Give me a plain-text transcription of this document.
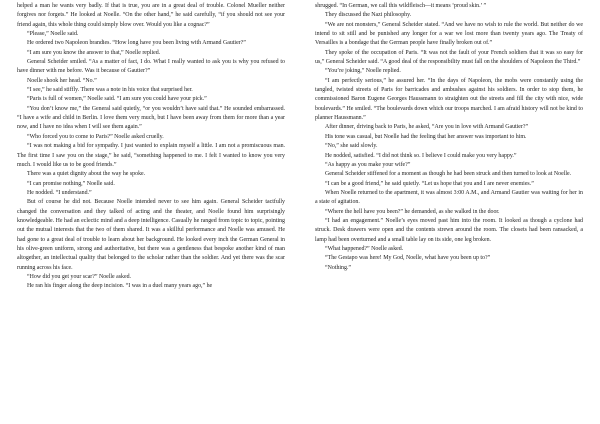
helped a man he wants very badly. If that is true, you are in a great deal of trouble. Colonel Mueller neither forgives nor forgets.” He looked at Noelle. “On the other hand,” he said carefully, “if you should not see your friend again, this whole thing could simply blow over. Would you like a cognac?”

“Please,” Noelle said.

He ordered two Napoleon brandies. “How long have you been living with Armand Gautier?”

“I am sure you know the answer to that,” Noelle replied.

General Scheider smiled. “As a matter of fact, I do. What I really wanted to ask you is why you refused to have dinner with me before. Was it because of Gautier?”

Noelle shook her head. “No.”

“I see,” he said stiffly. There was a note in his voice that surprised her.

“Paris is full of women,” Noelle said. “I am sure you could have your pick.”

“You don’t know me,” the General said quietly, “or you wouldn’t have said that.” He sounded embarrassed. “I have a wife and child in Berlin. I love them very much, but I have been away from them for more than a year now, and I have no idea when I will see them again.”

“Who forced you to come to Paris?” Noelle asked cruelly.

“I was not making a bid for sympathy. I just wanted to explain myself a little. I am not a promiscuous man. The first time I saw you on the stage,” he said, “something happened to me. I felt I wanted to know you very much. I would like us to be good friends.”

There was a quiet dignity about the way he spoke.

“I can promise nothing,” Noelle said.

He nodded. “I understand.”

But of course he did not. Because Noelle intended never to see him again. General Scheider tactfully changed the conversation and they talked of acting and the theater, and Noelle found him surprisingly knowledgeable. He had an eclectic mind and a deep intelligence. Casually he ranged from topic to topic, pointing out the mutual interests that the two of them shared. It was a skillful performance and Noelle was amused. He had gone to a great deal of trouble to learn about her background. He looked every inch the German General in his olive-green uniform, strong and authoritative, but there was a gentleness that bespoke another kind of man altogether, an intellectual quality that belonged to the scholar rather than the soldier. And yet there was the scar running across his face.

“How did you get your scar?” Noelle asked.

He ran his finger along the deep incision. “I was in a duel many years ago,” he

shrugged. “In German, we call this wildfleisch—it means ‘proud skin.’ ”

They discussed the Nazi philosophy.

“We are not monsters,” General Scheider stated. “And we have no wish to rule the world. But neither do we intend to sit still and be punished any longer for a war we lost more than twenty years ago. The Treaty of Versailles is a bondage that the German people have finally broken out of.”

They spoke of the occupation of Paris. “It was not the fault of your French soldiers that it was so easy for us,” General Scheider said. “A good deal of the responsibility must fall on the shoulders of Napoleon the Third.”

“You’re joking,” Noelle replied.

“I am perfectly serious,” he assured her. “In the days of Napoleon, the mobs were constantly using the tangled, twisted streets of Paris for barricades and ambushes against his soldiers. In order to stop them, he commissioned Baron Eugene Georges Haussmann to straighten out the streets and fill the city with nice, wide boulevards.” He smiled. “The boulevards down which our troops marched. I am afraid history will not be kind to planner Haussmann.”

After dinner, driving back to Paris, he asked, “Are you in love with Armand Gautier?”

His tone was casual, but Noelle had the feeling that her answer was important to him.

“No,” she said slowly.

He nodded, satisfied. “I did not think so. I believe I could make you very happy.”

“As happy as you make your wife?”

General Scheider stiffened for a moment as though he had been struck and then turned to look at Noelle.

“I can be a good friend,” he said quietly. “Let us hope that you and I are never enemies.”

When Noelle returned to the apartment, it was almost 3:00 A.M., and Armand Gautier was waiting for her in a state of agitation.

“Where the hell have you been?” he demanded, as she walked in the door.

“I had an engagement.” Noelle’s eyes moved past him into the room. It looked as though a cyclone had struck. Desk drawers were open and the contents strewn around the room. The closets had been ransacked, a lamp had been overturned and a small table lay on its side, one leg broken.

“What happened?” Noelle asked.

“The Gestapo was here! My God, Noelle, what have you been up to?”

“Nothing.”
